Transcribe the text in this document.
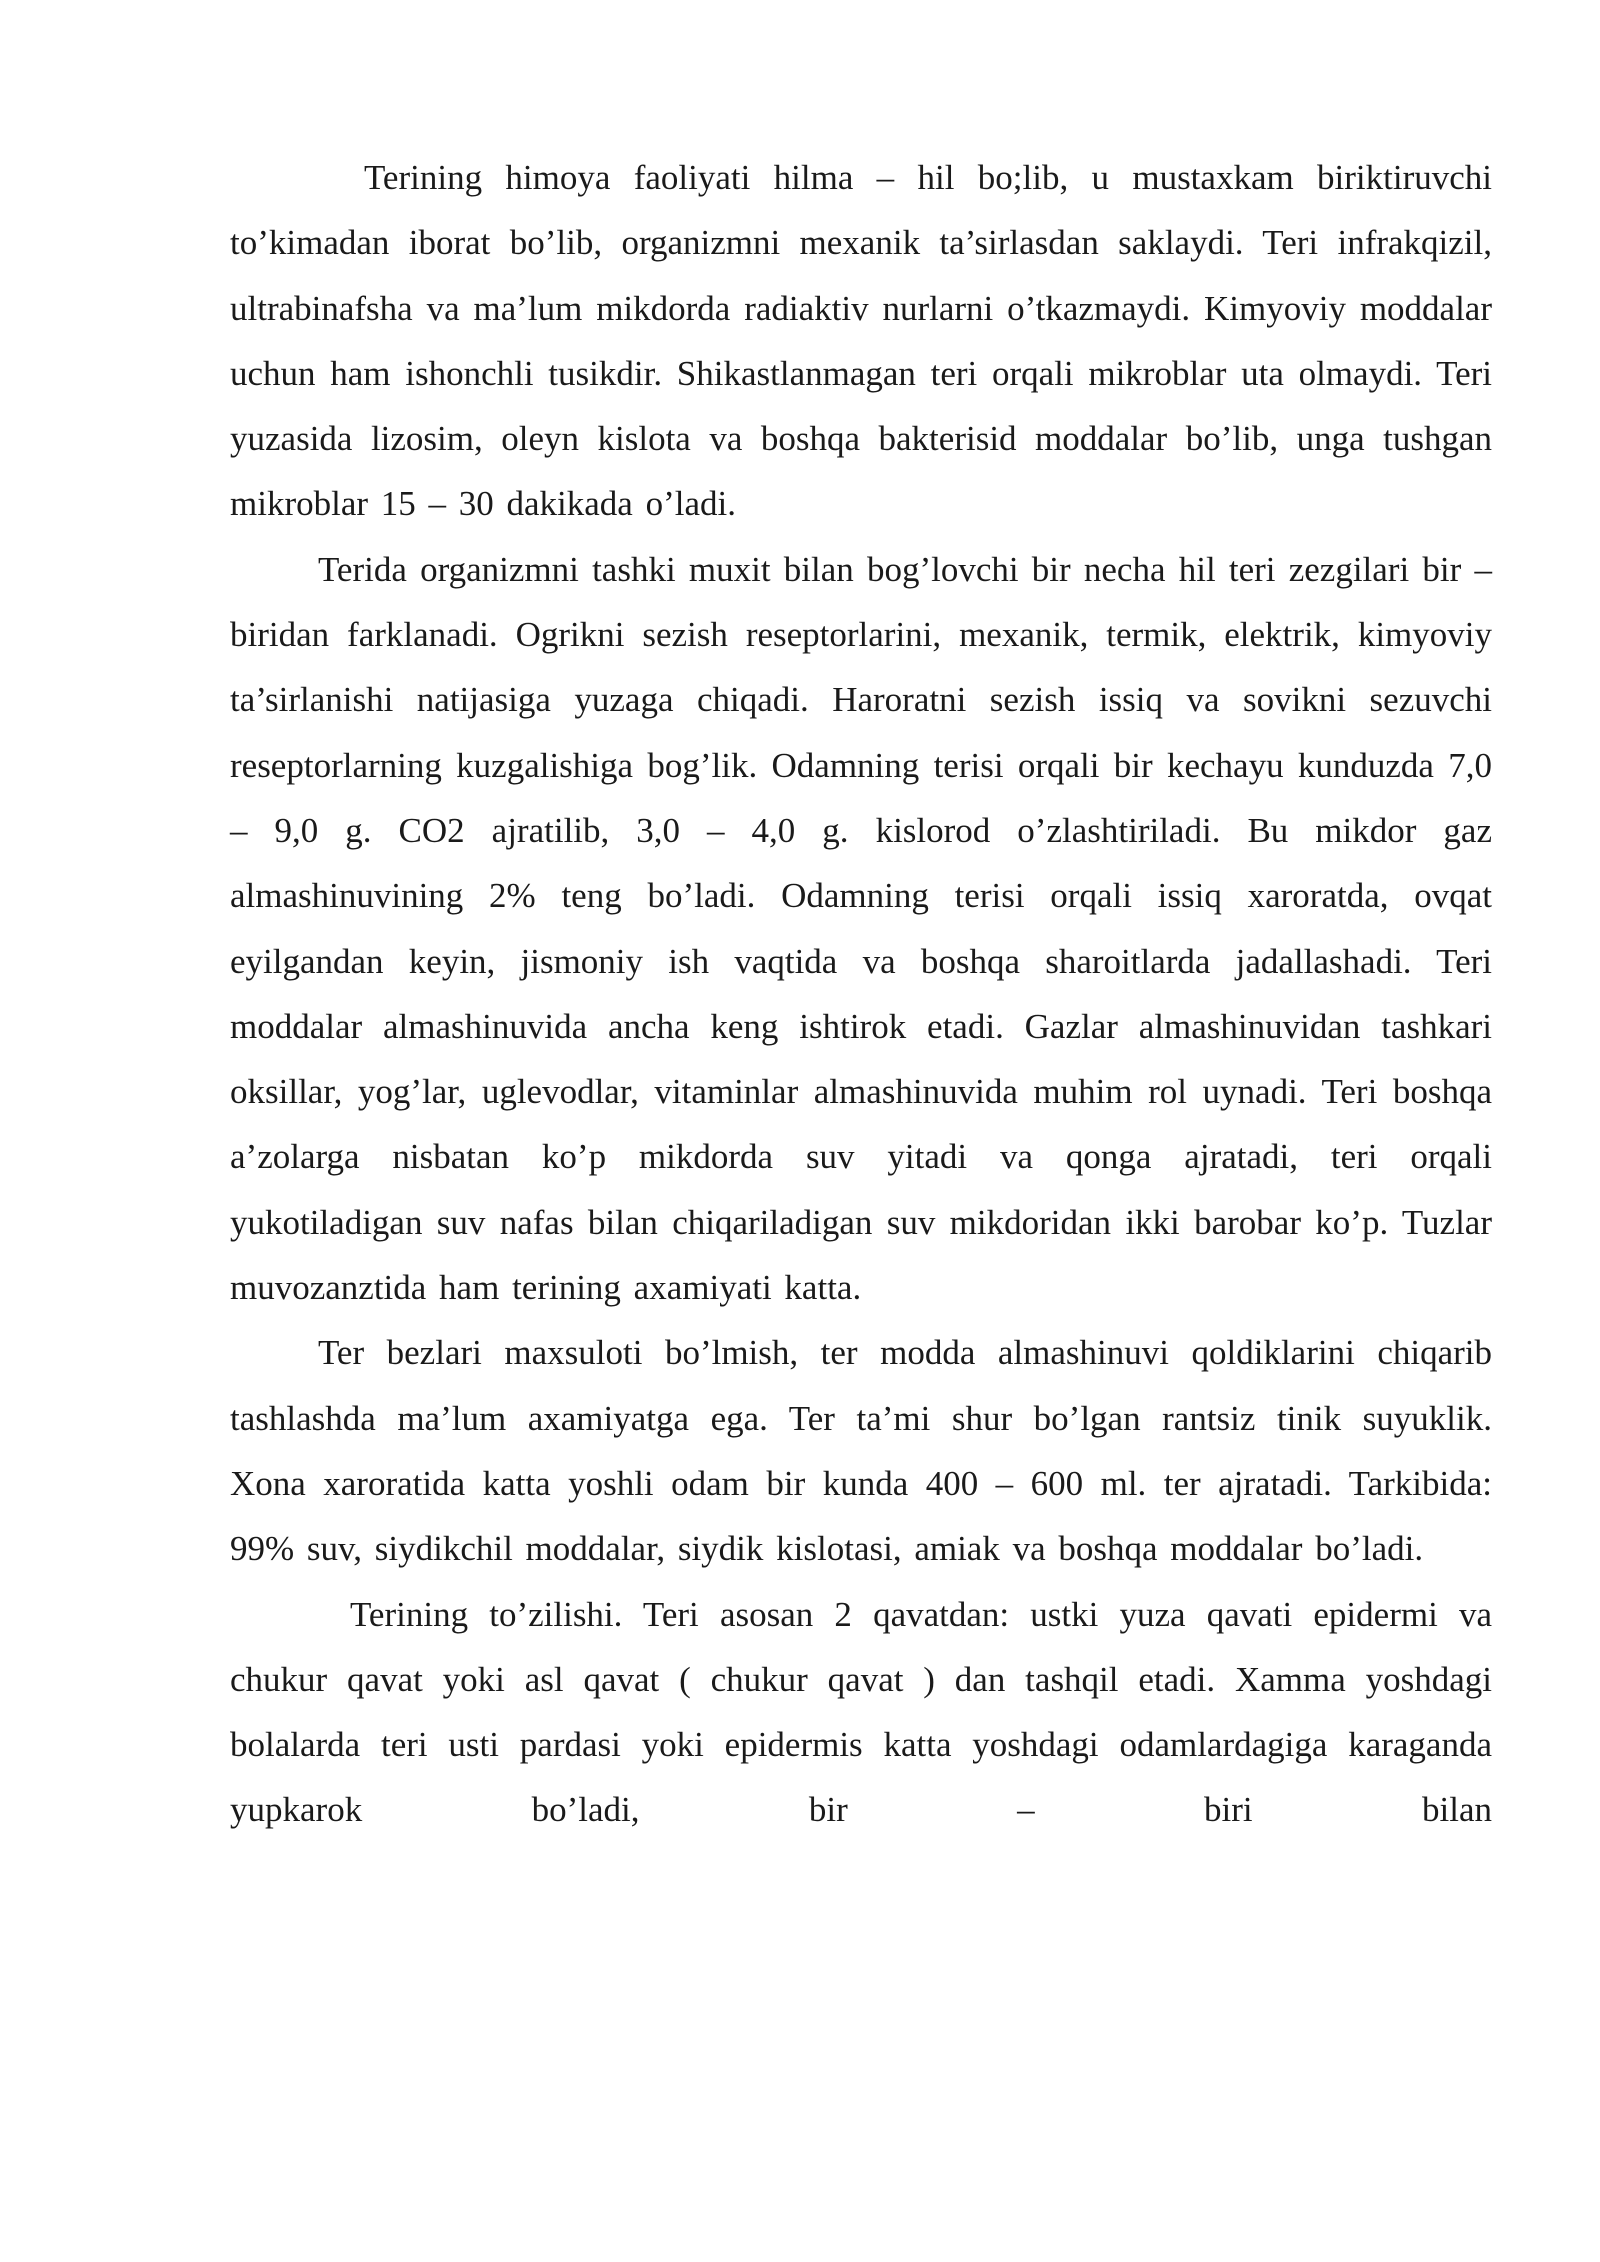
Terining himoya faoliyati hilma – hil bo;lib, u mustaxkam biriktiruvchi to’kimadan iborat bo’lib, organizmni mexanik ta’sirlasdan saklaydi. Teri infrakqizil, ultrabinafsha va ma’lum mikdorda radiaktiv nurlarni o’tkazmaydi. Kimyoviy moddalar uchun ham ishonchli tusikdir. Shikastlanmagan teri orqali mikroblar uta olmaydi. Teri yuzasida lizosim, oleyn kislota va boshqa bakterisid moddalar bo’lib, unga tushgan mikroblar 15 – 30 dakikada o’ladi.

Terida organizmni tashki muxit bilan bog’lovchi bir necha hil teri zezgilari bir – biridan farklanadi. Ogrikni sezish reseptorlarini, mexanik, termik, elektrik, kimyoviy ta’sirlanishi natijasiga yuzaga chiqadi. Haroratni sezish issiq va sovikni sezuvchi reseptorlarning kuzgalishiga bog’lik. Odamning terisi orqali bir kechayu kunduzda 7,0 – 9,0 g. CO2 ajratilib, 3,0 – 4,0 g. kislorod o’zlashtiriladi. Bu mikdor gaz almashinuvining 2% teng bo’ladi. Odamning terisi orqali issiq xaroratda, ovqat eyilgandan keyin, jismoniy ish vaqtida va boshqa sharoitlarda jadallashadi. Teri moddalar almashinuvida ancha keng ishtirok etadi. Gazlar almashinuvidan tashkari oksillar, yog’lar, uglevodlar, vitaminlar almashinuvida muhim rol uynadi. Teri boshqa a’zolarga nisbatan ko’p mikdorda suv yitadi va qonga ajratadi, teri orqali yukotiladigan suv nafas bilan chiqariladigan suv mikdoridan ikki barobar ko’p. Tuzlar muvozanztida ham terining axamiyati katta.

Ter bezlari maxsuloti bo’lmish, ter modda almashinuvi qoldiklarini chiqarib tashlashda ma’lum axamiyatga ega. Ter ta’mi shur bo’lgan rantsiz tinik suyuklik. Xona xaroratida katta yoshli odam bir kunda 400 – 600 ml. ter ajratadi. Tarkibida: 99% suv, siydikchil moddalar, siydik kislotasi, amiak va boshqa moddalar bo’ladi.

Terining to’zilishi. Teri asosan 2 qavatdan: ustki yuza qavati epidermi va chukur qavat yoki asl qavat ( chukur qavat ) dan tashqil etadi. Xamma yoshdagi bolalarda teri usti pardasi yoki epidermis katta yoshdagi odamlardagiga karaganda yupkarok bo’ladi, bir – biri bilan
